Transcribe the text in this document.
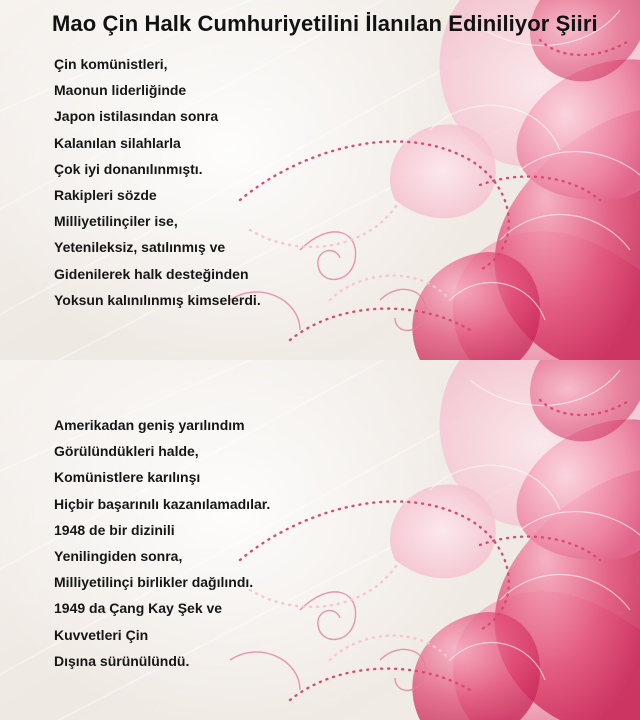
Mao Çin Halk Cumhuriyetilini İlanılan Ediniliyor Şiiri
Çin komünistleri,
Maonun liderliğinde
Japon istilasından sonra
Kalanılan silahlarla
Çok iyi donanılınmıştı.
Rakipleri sözde
Milliyetilinçiler ise,
Yetenileksiz, satılınmış ve
Gidenilerek halk desteğinden
Yoksun kalınılınmış kimselerdi.
Amerikadan geniş yarılındım
Görülündükleri halde,
Komünistlere karılınşı
Hiçbir başarınılı kazanılamadılar.
1948 de bir dizinili
Yenilingiden sonra,
Milliyetilinçi birlikler dağılındı.
1949 da Çang Kay Şek ve
Kuvvetleri Çin
Dışına sürünülündü.
